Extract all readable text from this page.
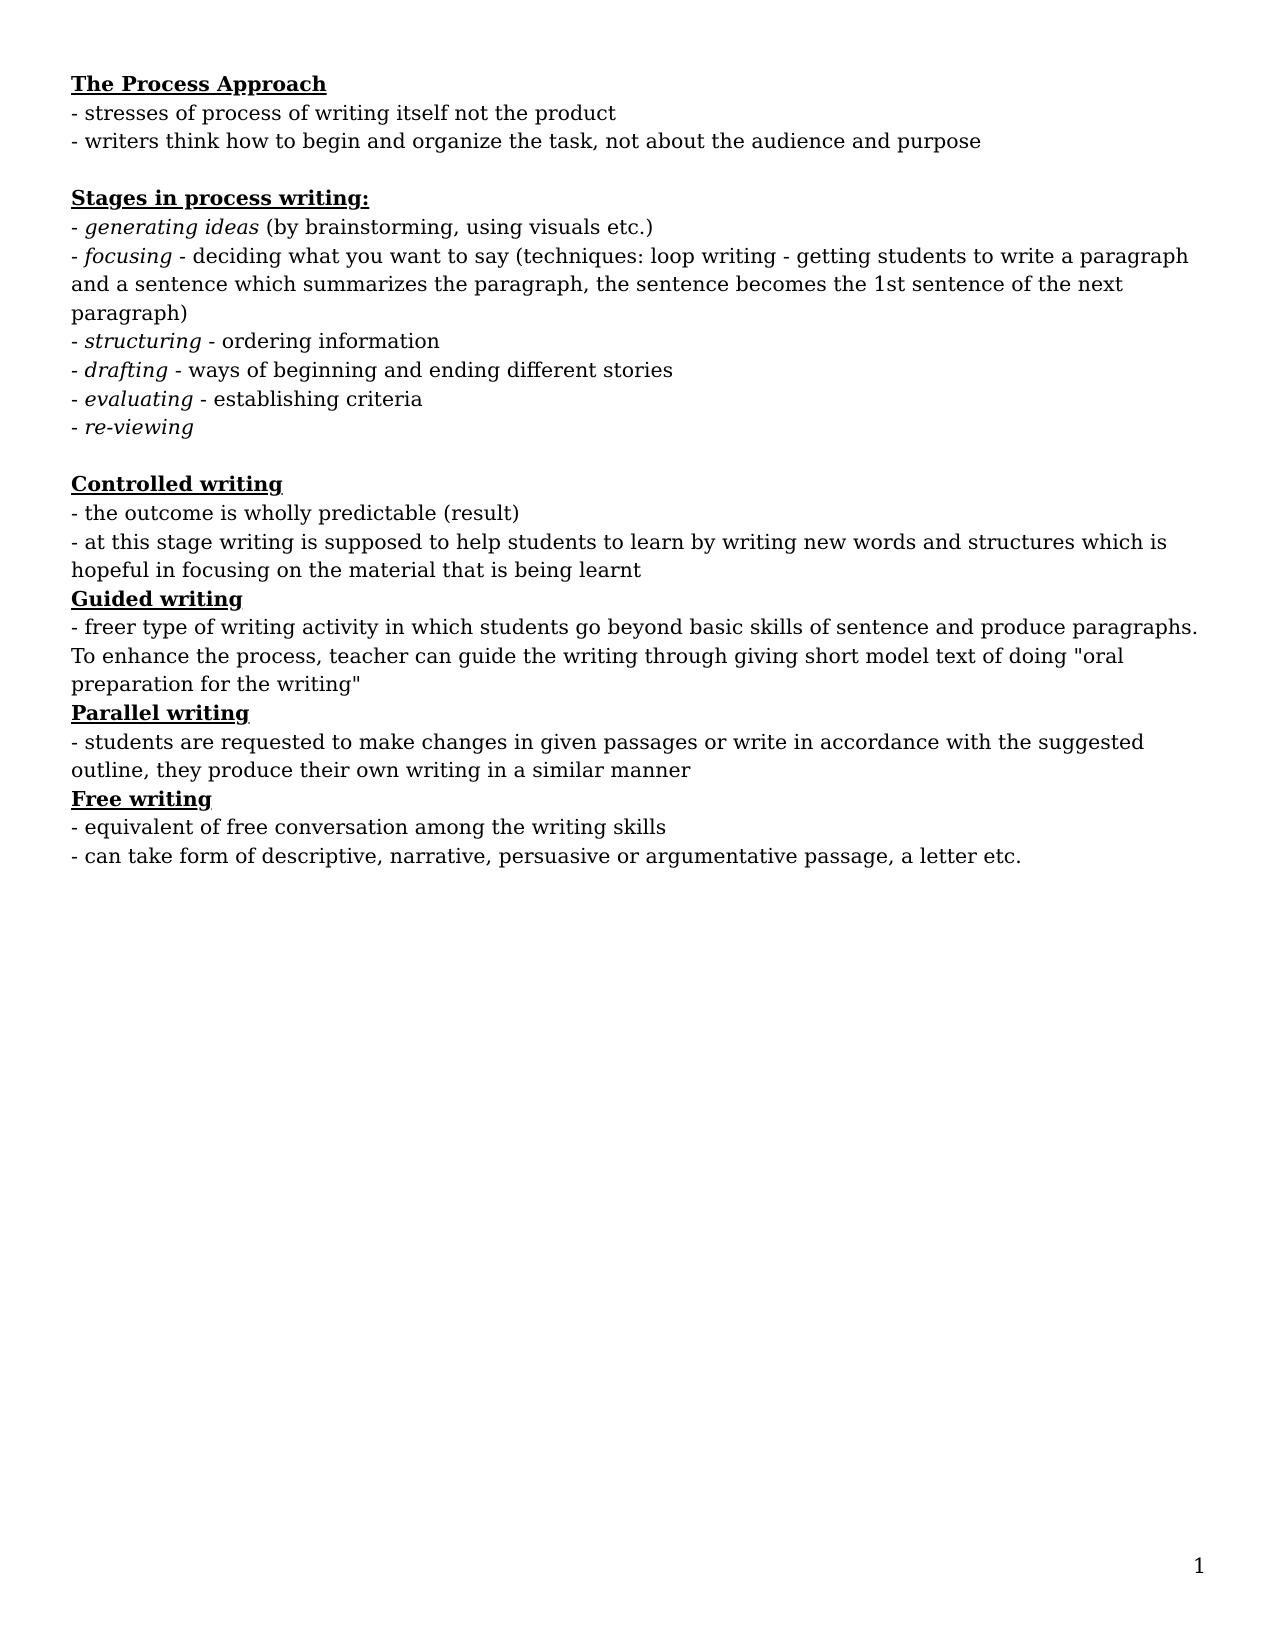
The Process Approach

- stresses of process of writing itself not the product

- writers think how to begin and organize the task, not about the audience and purpose

Stages in process writing:

- generating ideas (by brainstorming, using visuals etc.)

- focusing - deciding what you want to say (techniques: loop writing - getting students to write a paragraph and a sentence which summarizes the paragraph, the sentence becomes the 1st sentence of the next paragraph)

- structuring - ordering information

- drafting - ways of beginning and ending different stories

- evaluating - establishing criteria

- re-viewing

Controlled writing

- the outcome is wholly predictable (result)

- at this stage writing is supposed to help students to learn by writing new words and structures which is hopeful in focusing on the material that is being learnt

Guided writing

- freer type of writing activity in which students go beyond basic skills of sentence and produce paragraphs. To enhance the process, teacher can guide the writing through giving short model text of doing "oral preparation for the writing"

Parallel writing

- students are requested to make changes in given passages or write in accordance with the suggested outline, they produce their own writing in a similar manner

Free writing

- equivalent of free conversation among the writing skills

- can take form of descriptive, narrative, persuasive or argumentative passage, a letter etc.

1
